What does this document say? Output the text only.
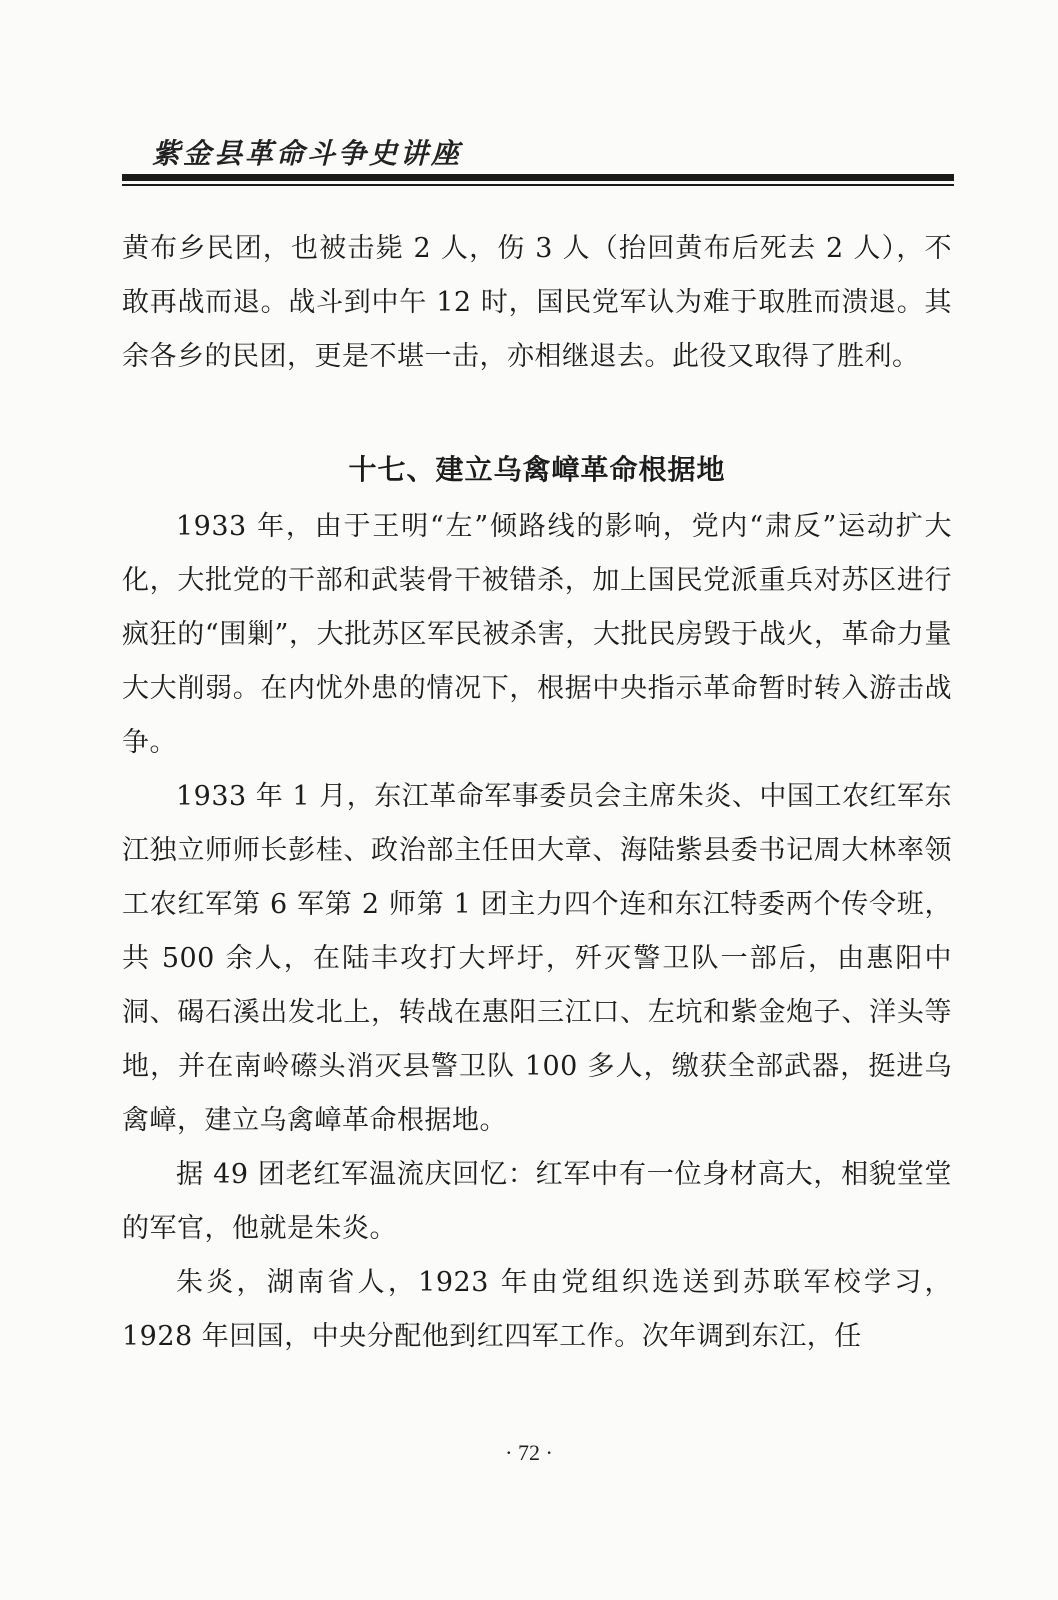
紫金县革命斗争史讲座

黄布乡民团，也被击毙 2 人，伤 3 人（抬回黄布后死去 2 人），不敢再战而退。战斗到中午 12 时，国民党军认为难于取胜而溃退。其余各乡的民团，更是不堪一击，亦相继退去。此役又取得了胜利。

十七、建立乌禽嶂革命根据地

1933 年，由于王明“左”倾路线的影响，党内“肃反”运动扩大化，大批党的干部和武装骨干被错杀，加上国民党派重兵对苏区进行疯狂的“围剿”，大批苏区军民被杀害，大批民房毁于战火，革命力量大大削弱。在内忧外患的情况下，根据中央指示革命暂时转入游击战争。

1933 年 1 月，东江革命军事委员会主席朱炎、中国工农红军东江独立师师长彭桂、政治部主任田大章、海陆紫县委书记周大林率领工农红军第 6 军第 2 师第 1 团主力四个连和东江特委两个传令班，共 500 余人，在陆丰攻打大坪圩，歼灭警卫队一部后，由惠阳中洞、碣石溪出发北上，转战在惠阳三江口、左坑和紫金炮子、洋头等地，并在南岭礤头消灭县警卫队 100 多人，缴获全部武器，挺进乌禽嶂，建立乌禽嶂革命根据地。

据 49 团老红军温流庆回忆：红军中有一位身材高大，相貌堂堂的军官，他就是朱炎。

朱炎，湖南省人，1923 年由党组织选送到苏联军校学习，1928 年回国，中央分配他到红四军工作。次年调到东江，任

· 72 ·
